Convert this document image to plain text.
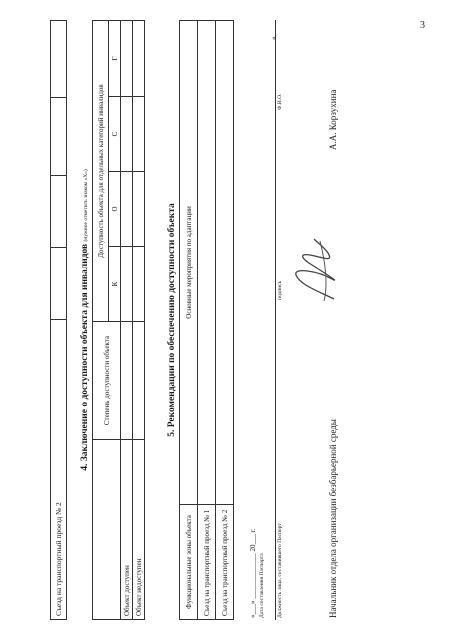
3
Съезд на транспортный проезд № 2				
4. Заключение о доступности объекта для инвалидов (нужное отметить знаком «Х»)
	Степень доступности объекта	Доступность объекта для отдельных категорий инвалидов			
		К	О	С	Г
Объект доступен					
Объект недоступен					
5. Рекомендации по обеспечению доступности объекта
Функциональные зоны объекта	Основные мероприятия по адаптации
Съезд на транспортный проезд № 1	
Съезд на транспортный проезд № 2		«___» _____________ 20___ г. Дата составления Паспорта Должность лица, составившего Паспорт
подпись
Ф.И.О.
»,
Начальник отдела организации безбарьерной среды
А.А. Корзухина
